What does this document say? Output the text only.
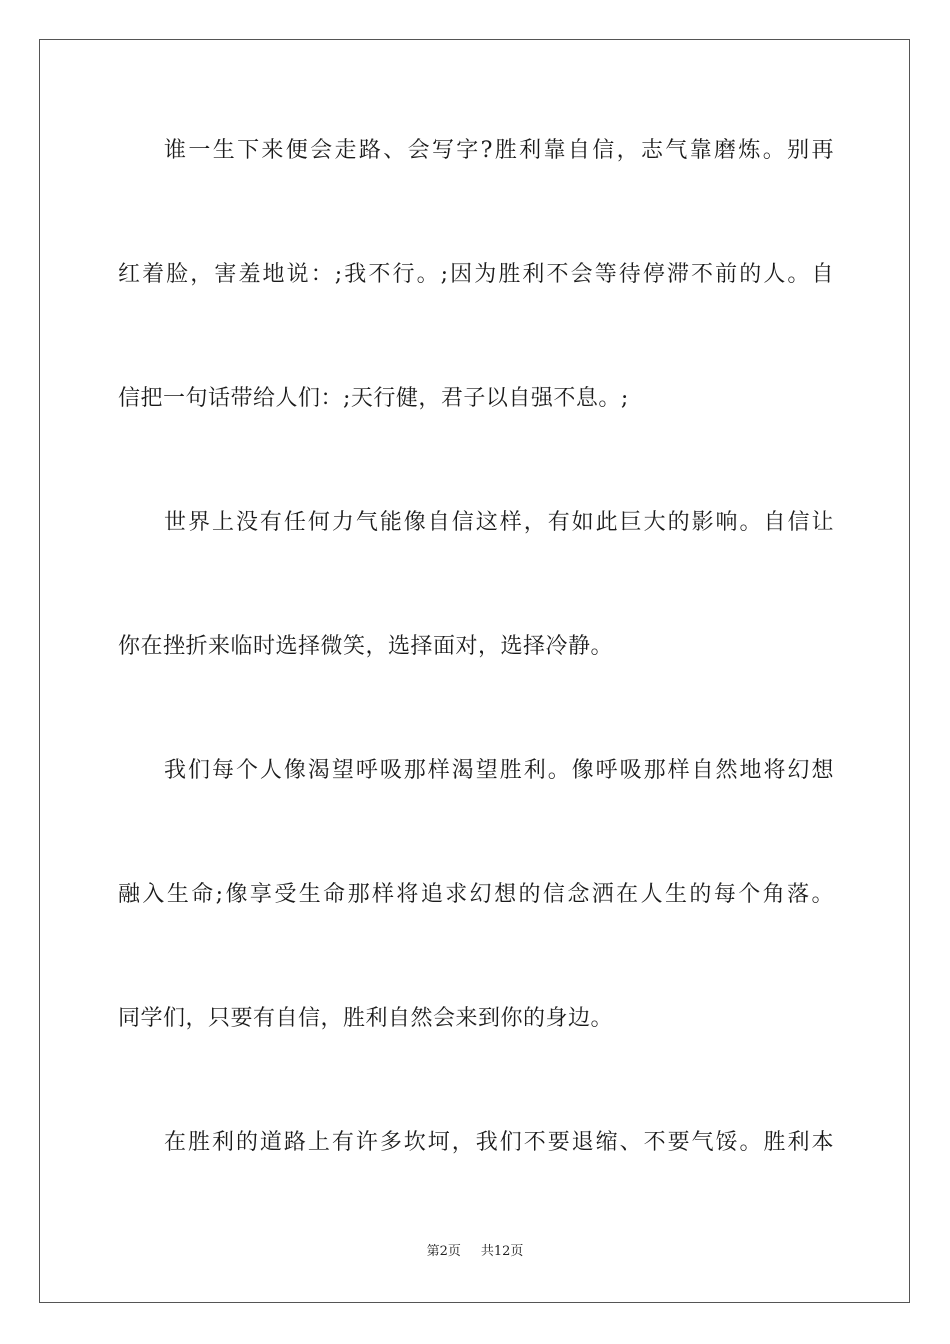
谁一生下来便会走路、会写字?胜利靠自信，志气靠磨炼。别再
红着脸，害羞地说：;我不行。;因为胜利不会等待停滞不前的人。自
信把一句话带给人们：;天行健，君子以自强不息。;
世界上没有任何力气能像自信这样，有如此巨大的影响。自信让
你在挫折来临时选择微笑，选择面对，选择冷静。
我们每个人像渴望呼吸那样渴望胜利。像呼吸那样自然地将幻想
融入生命;像享受生命那样将追求幻想的信念洒在人生的每个角落。
同学们，只要有自信，胜利自然会来到你的身边。
在胜利的道路上有许多坎坷，我们不要退缩、不要气馁。胜利本
第2页 共12页
